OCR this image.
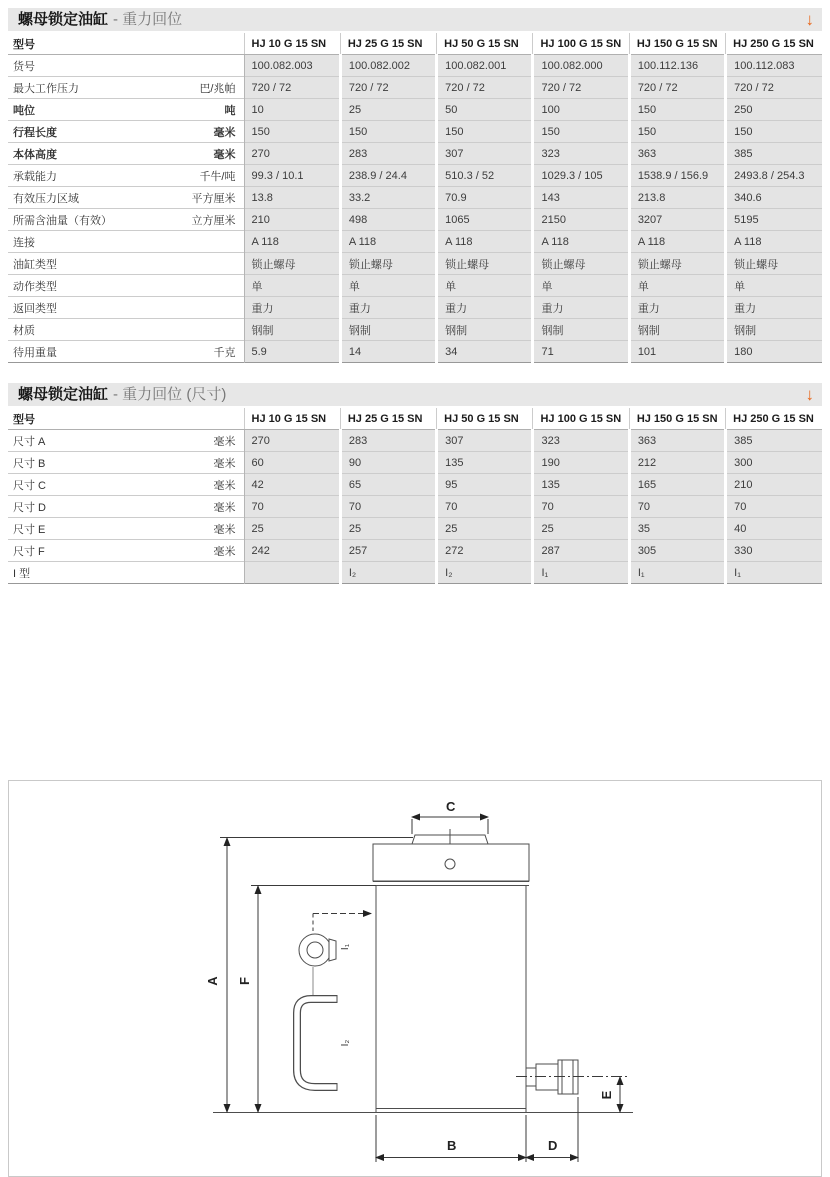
螺母锁定油缸 - 重力回位	↓
型号	HJ 10 G 15 SN	HJ 25 G 15 SN	HJ 50 G 15 SN	HJ 100 G 15 SN	HJ 150 G 15 SN	HJ 250 G 15 SN
货号	100.082.003	100.082.002	100.082.001	100.082.000	100.112.136	100.112.083
最大工作压力 巴/兆帕	720 / 72	720 / 72	720 / 72	720 / 72	720 / 72	720 / 72
吨位 吨	10	25	50	100	150	250
行程长度 毫米	150	150	150	150	150	150
本体高度 毫米	270	283	307	323	363	385
承载能力 千牛/吨	99.3 / 10.1	238.9 / 24.4	510.3 / 52	1029.3 / 105	1538.9 / 156.9	2493.8 / 254.3
有效压力区域 平方厘米	13.8	33.2	70.9	143	213.8	340.6
所需含油量（有效） 立方厘米	210	498	1065	2150	3207	5195
连接	A 118	A 118	A 118	A 118	A 118	A 118
油缸类型	锁止螺母	锁止螺母	锁止螺母	锁止螺母	锁止螺母	锁止螺母
动作类型	单	单	单	单	单	单
返回类型	重力	重力	重力	重力	重力	重力
材质	钢制	钢制	钢制	钢制	钢制	钢制
待用重量 千克	5.9	14	34	71	101	180
螺母锁定油缸 - 重力回位 (尺寸)	↓
型号	HJ 10 G 15 SN	HJ 25 G 15 SN	HJ 50 G 15 SN	HJ 100 G 15 SN	HJ 150 G 15 SN	HJ 250 G 15 SN
尺寸 A 毫米	270	283	307	323	363	385
尺寸 B 毫米	60	90	135	190	212	300
尺寸 C 毫米	42	65	95	135	165	210
尺寸 D 毫米	70	70	70	70	70	70
尺寸 E 毫米	25	25	25	25	35	40
尺寸 F 毫米	242	257	272	287	305	330
I 型		I₂	I₂	I₁	I₁	I₁
C
A F
B	D
E
I₁
I₂
